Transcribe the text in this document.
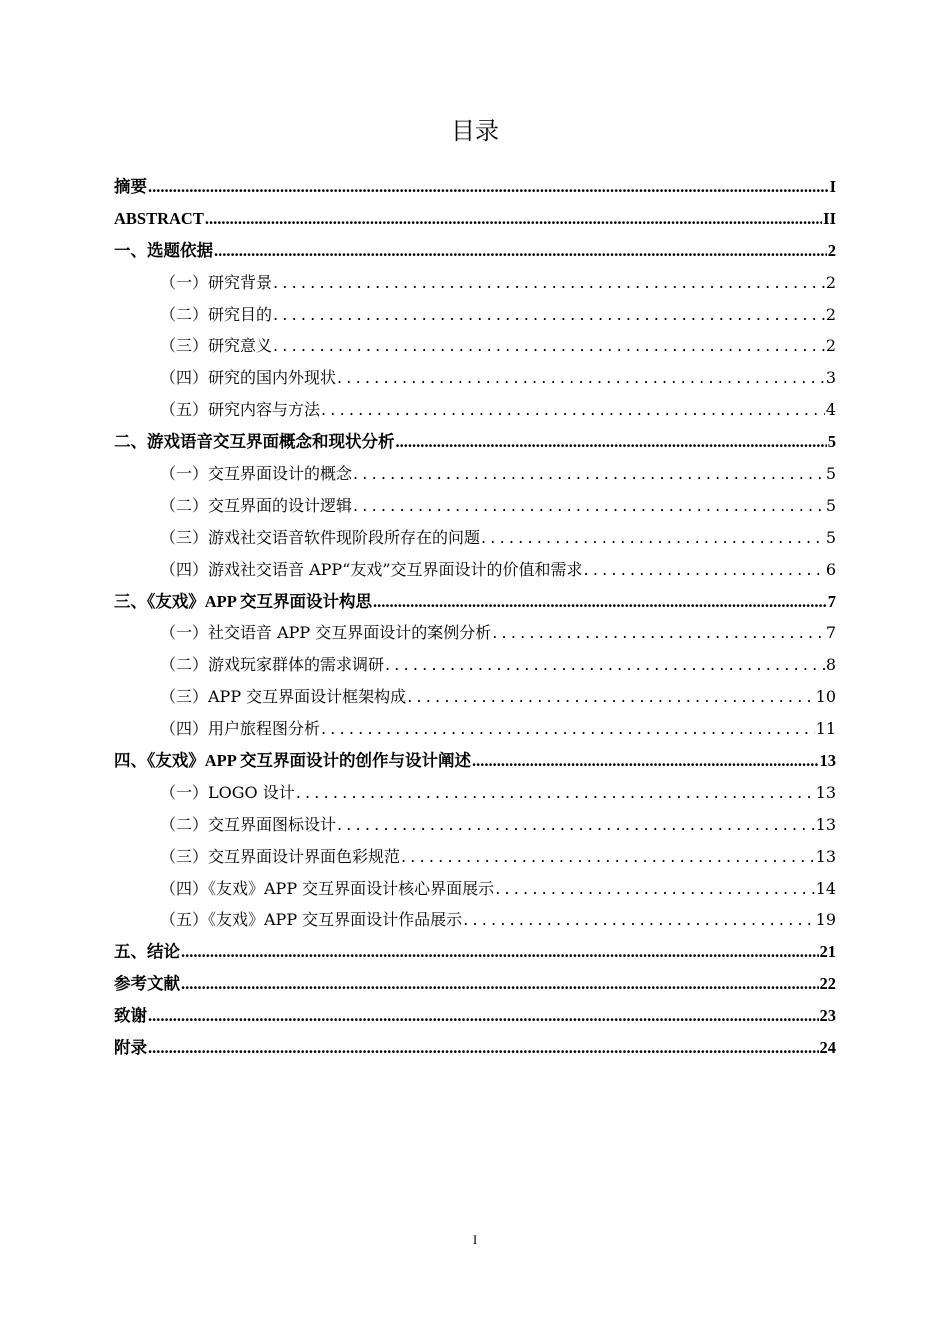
目录
摘要 .....	I
ABSTRACT .....	II
一、选题依据 .....	2
（一）研究背景 .....	2
（二）研究目的 .....	2
（三）研究意义 .....	2
（四）研究的国内外现状 .....	3
（五）研究内容与方法 .....	4
二、游戏语音交互界面概念和现状分析 .....	5
（一）交互界面设计的概念 .....	5
（二）交互界面的设计逻辑 .....	5
（三）游戏社交语音软件现阶段所存在的问题 .....	5
（四）游戏社交语音 APP“友戏”交互界面设计的价值和需求 .....	6
三、《友戏》APP 交互界面设计构思 .....	7
（一）社交语音 APP 交互界面设计的案例分析 .....	7
（二）游戏玩家群体的需求调研 .....	8
（三）APP 交互界面设计框架构成 .....	10
（四）用户旅程图分析 .....	11
四、《友戏》APP 交互界面设计的创作与设计阐述 .....	13
（一）LOGO 设计 .....	13
（二）交互界面图标设计 .....	13
（三）交互界面设计界面色彩规范 .....	13
（四）《友戏》APP 交互界面设计核心界面展示 .....	14
（五）《友戏》APP 交互界面设计作品展示 .....	19
五、结论 .....	21
参考文献 .....	22
致谢 .....	23
附录 .....	24
I
